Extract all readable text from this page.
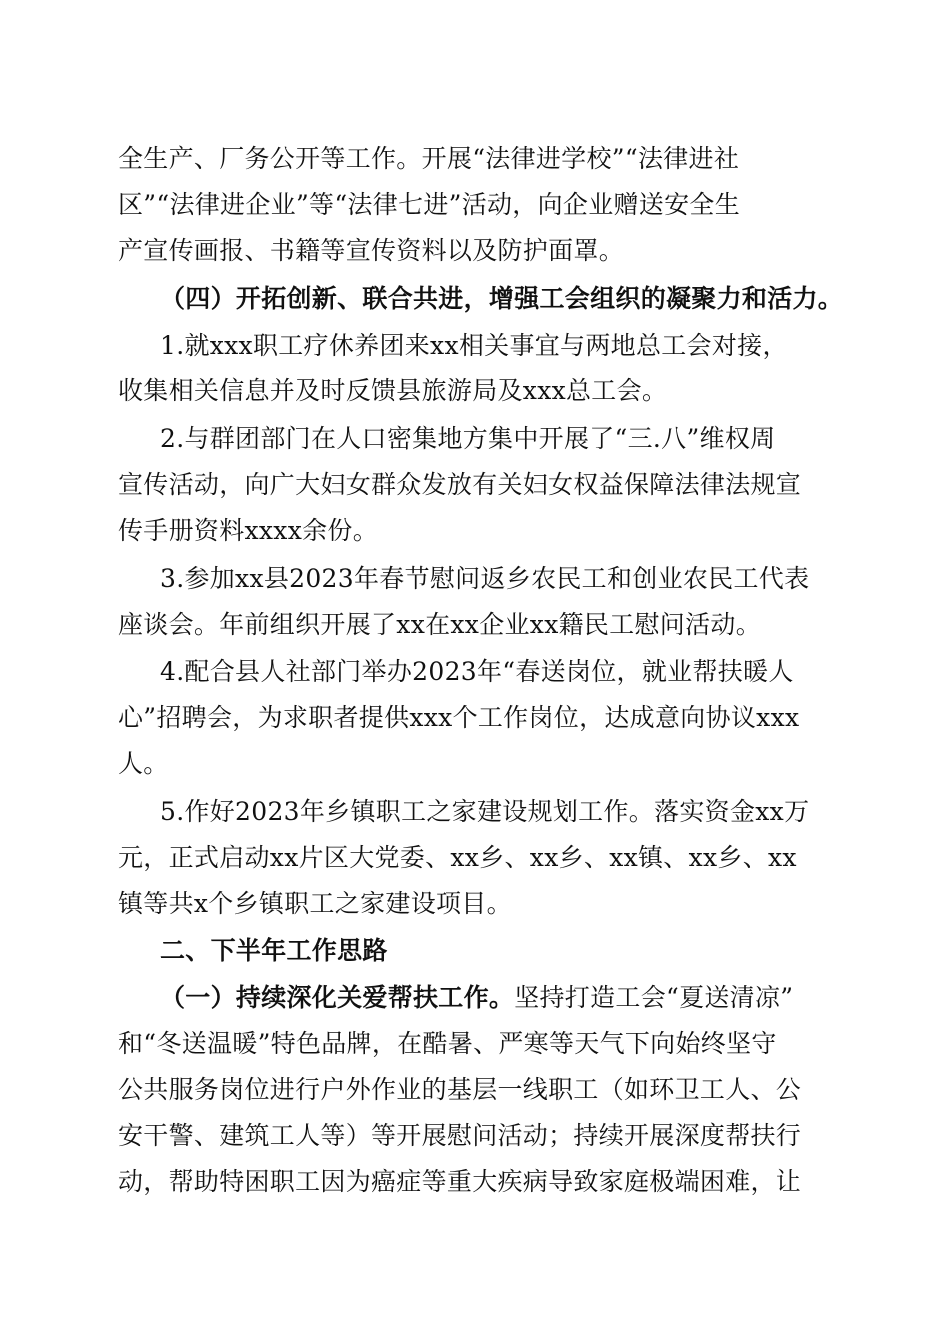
全生产、厂务公开等工作。开展“法律进学校”“法律进社
区”“法律进企业”等“法律七进”活动，向企业赠送安全生
产宣传画报、书籍等宣传资料以及防护面罩。
（四）开拓创新、联合共进，增强工会组织的凝聚力和活力。
1.就xxx职工疗休养团来xx相关事宜与两地总工会对接，
收集相关信息并及时反馈县旅游局及xxx总工会。
2.与群团部门在人口密集地方集中开展了“三.八”维权周
宣传活动，向广大妇女群众发放有关妇女权益保障法律法规宣
传手册资料xxxx余份。
3.参加xx县2023年春节慰问返乡农民工和创业农民工代表
座谈会。年前组织开展了xx在xx企业xx籍民工慰问活动。
4.配合县人社部门举办2023年“春送岗位，就业帮扶暖人
心”招聘会，为求职者提供xxx个工作岗位，达成意向协议xxx
人。
5.作好2023年乡镇职工之家建设规划工作。落实资金xx万
元，正式启动xx片区大党委、xx乡、xx乡、xx镇、xx乡、xx
镇等共x个乡镇职工之家建设项目。
二、下半年工作思路
（一）持续深化关爱帮扶工作。坚持打造工会“夏送清凉”
和“冬送温暖”特色品牌，在酷暑、严寒等天气下向始终坚守
公共服务岗位进行户外作业的基层一线职工（如环卫工人、公
安干警、建筑工人等）等开展慰问活动；持续开展深度帮扶行
动，帮助特困职工因为癌症等重大疾病导致家庭极端困难，让
